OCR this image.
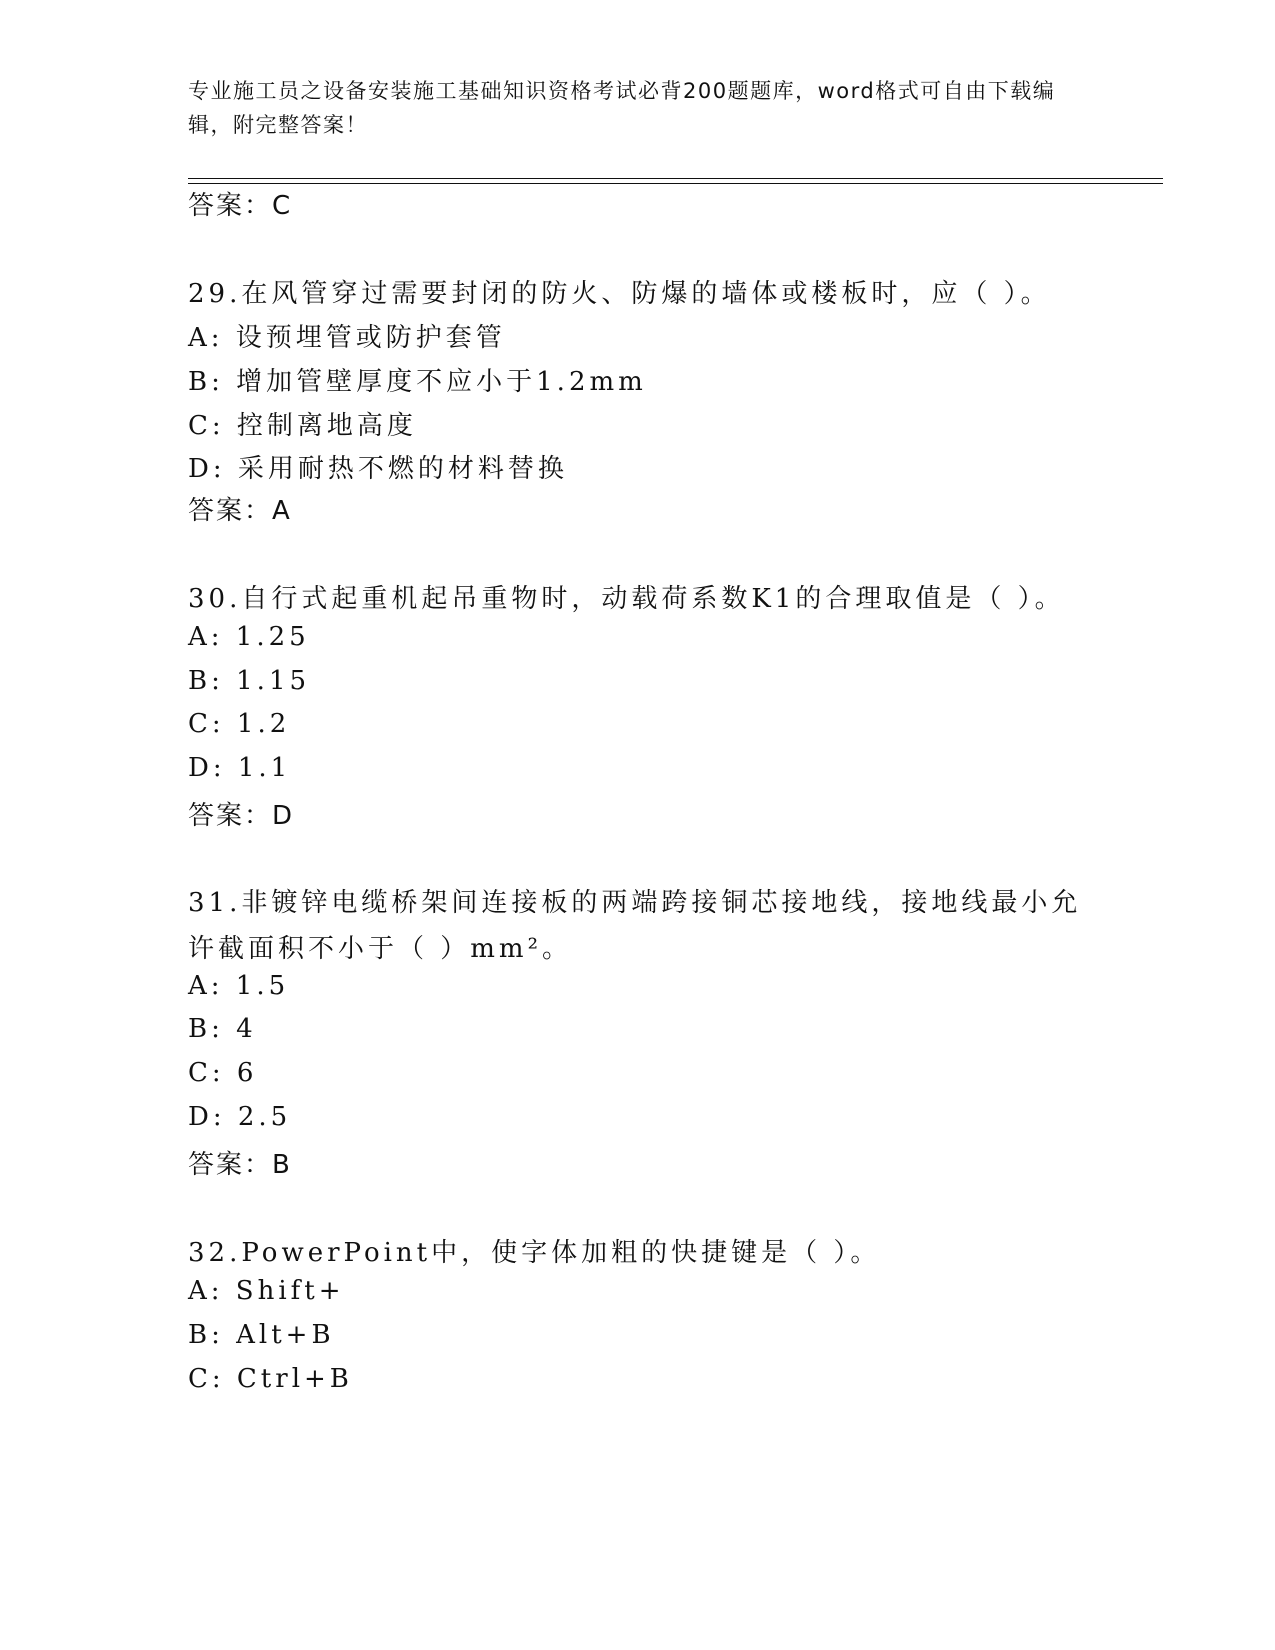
专业施工员之设备安装施工基础知识资格考试必背200题题库，word格式可自由下载编辑，附完整答案！
答案：C
29.在风管穿过需要封闭的防火、防爆的墙体或楼板时，应（ ）。
A: 设预埋管或防护套管
B: 增加管壁厚度不应小于1.2mm
C: 控制离地高度
D: 采用耐热不燃的材料替换
答案：A
30.自行式起重机起吊重物时，动载荷系数K1的合理取值是（ ）。
A: 1.25
B: 1.15
C: 1.2
D: 1.1
答案：D
31.非镀锌电缆桥架间连接板的两端跨接铜芯接地线，接地线最小允许截面积不小于（ ）mm²。
A: 1.5
B: 4
C: 6
D: 2.5
答案：B
32.PowerPoint中，使字体加粗的快捷键是（ ）。
A: Shift+
B: Alt+B
C: Ctrl+B
